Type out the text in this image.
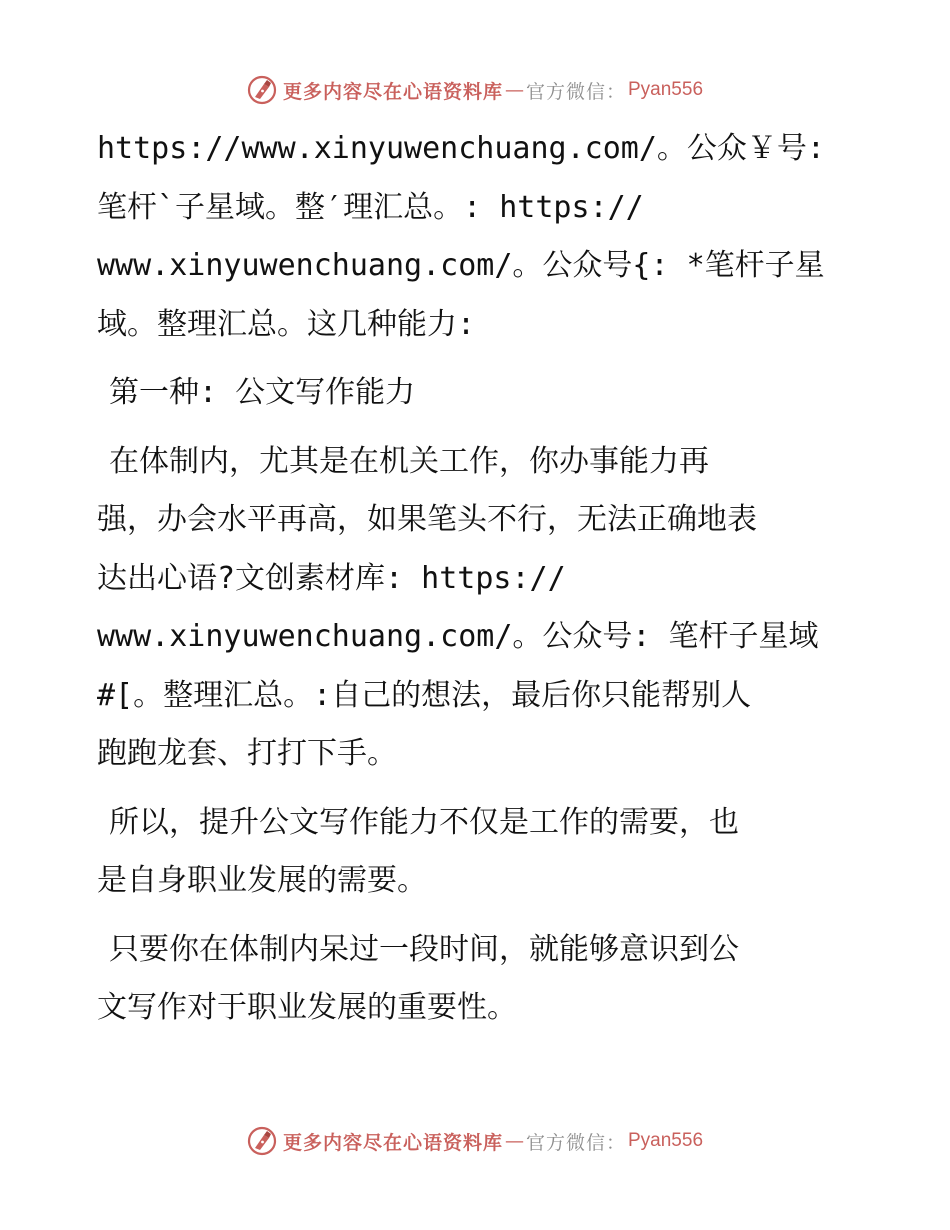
更多内容尽在心语资料库 — 官方微信： Pyan556
https://www.xinyuwenchuang.com/。公众￥号:
笔杆`子星域。整′理汇总。: https://
www.xinyuwenchuang.com/。公众号{: *笔杆子星
域。整理汇总。这几种能力:
第一种: 公文写作能力
在体制内，尤其是在机关工作，你办事能力再
强，办会水平再高，如果笔头不行，无法正确地表
达出心语?文创素材库: https://
www.xinyuwenchuang.com/。公众号: 笔杆子星域
#[。整理汇总。:自己的想法，最后你只能帮别人
跑跑龙套、打打下手。
所以，提升公文写作能力不仅是工作的需要，也
是自身职业发展的需要。
只要你在体制内呆过一段时间，就能够意识到公
文写作对于职业发展的重要性。
更多内容尽在心语资料库 — 官方微信： Pyan556
